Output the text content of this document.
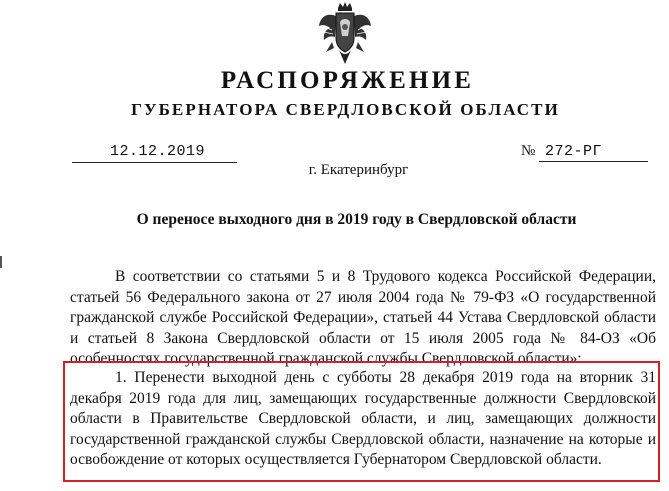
РАСПОРЯЖЕНИЕ
ГУБЕРНАТОРА СВЕРДЛОВСКОЙ ОБЛАСТИ
12.12.2019	№ 272-РГ
г. Екатеринбург
О переносе выходного дня в 2019 году в Свердловской области

В соответствии со статьями 5 и 8 Трудового кодекса Российской Федерации, статьей 56 Федерального закона от 27 июля 2004 года № 79-ФЗ «О государственной гражданской службе Российской Федерации», статьей 44 Устава Свердловской области и статьей 8 Закона Свердловской области от 15 июля 2005 года № 84-ОЗ «Об особенностях государственной гражданской службы Свердловской области»:

1. Перенести выходной день с субботы 28 декабря 2019 года на вторник 31 декабря 2019 года для лиц, замещающих государственные должности Свердловской области в Правительстве Свердловской области, и лиц, замещающих должности государственной гражданской службы Свердловской области, назначение на которые и освобождение от которых осуществляется Губернатором Свердловской области.
